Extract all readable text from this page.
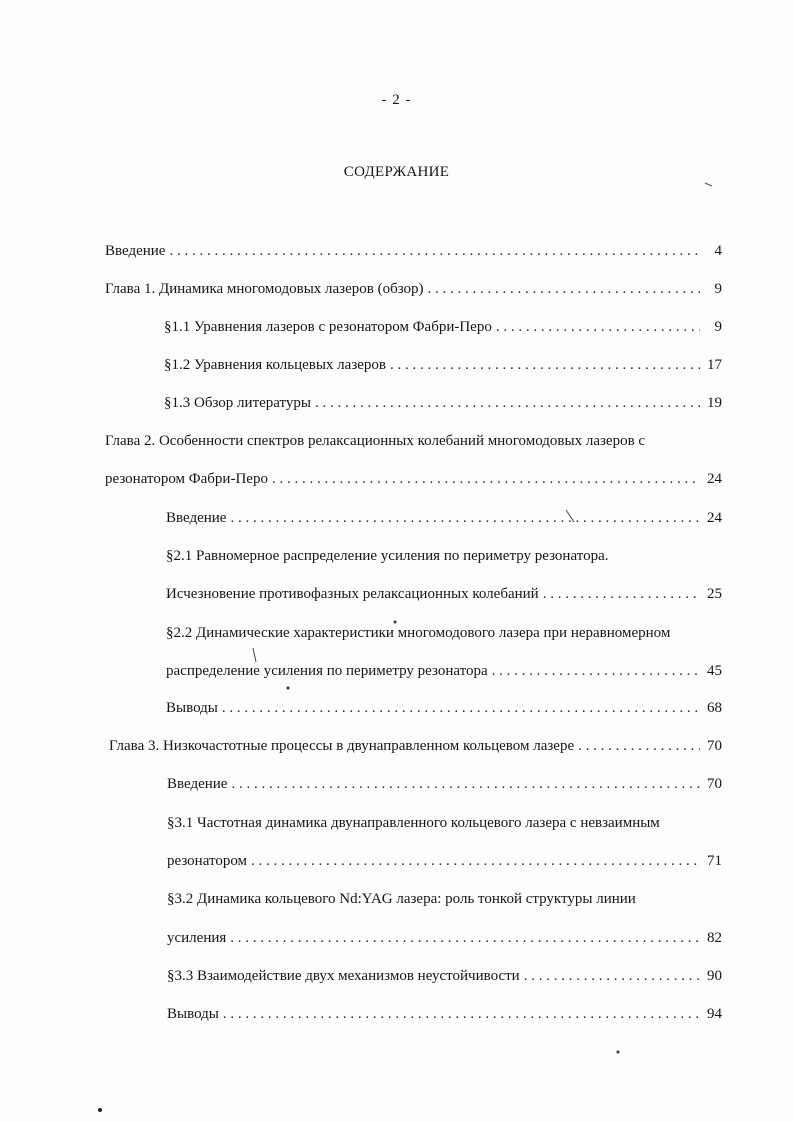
- 2 -
СОДЕРЖАНИЕ
Введение . . .	4
Глава 1. Динамика многомодовых лазеров (обзор) . . .	9
§1.1 Уравнения лазеров с резонатором Фабри-Перо . . .	9
§1.2 Уравнения кольцевых лазеров . . .	17
§1.3 Обзор литературы . . .	19
Глава 2. Особенности спектров релаксационных колебаний многомодовых лазеров с
резонатором Фабри-Перо . . .	24
Введение . . .	24
§2.1 Равномерное распределение усиления по периметру резонатора.
Исчезновение противофазных релаксационных колебаний . . .	25
§2.2 Динамические характеристики многомодового лазера при неравномерном
распределение усиления по периметру резонатора . . .	45
Выводы . . .	68
Глава 3. Низкочастотные процессы в двунаправленном кольцевом лазере . . .	70
Введение . . .	70
§3.1 Частотная динамика двунаправленного кольцевого лазера с невзаимным
резонатором . . .	71
§3.2 Динамика кольцевого Nd:YAG лазера: роль тонкой структуры линии
усиления . . .	82
§3.3 Взаимодействие двух механизмов неустойчивости . . .	90
Выводы . . .	94
